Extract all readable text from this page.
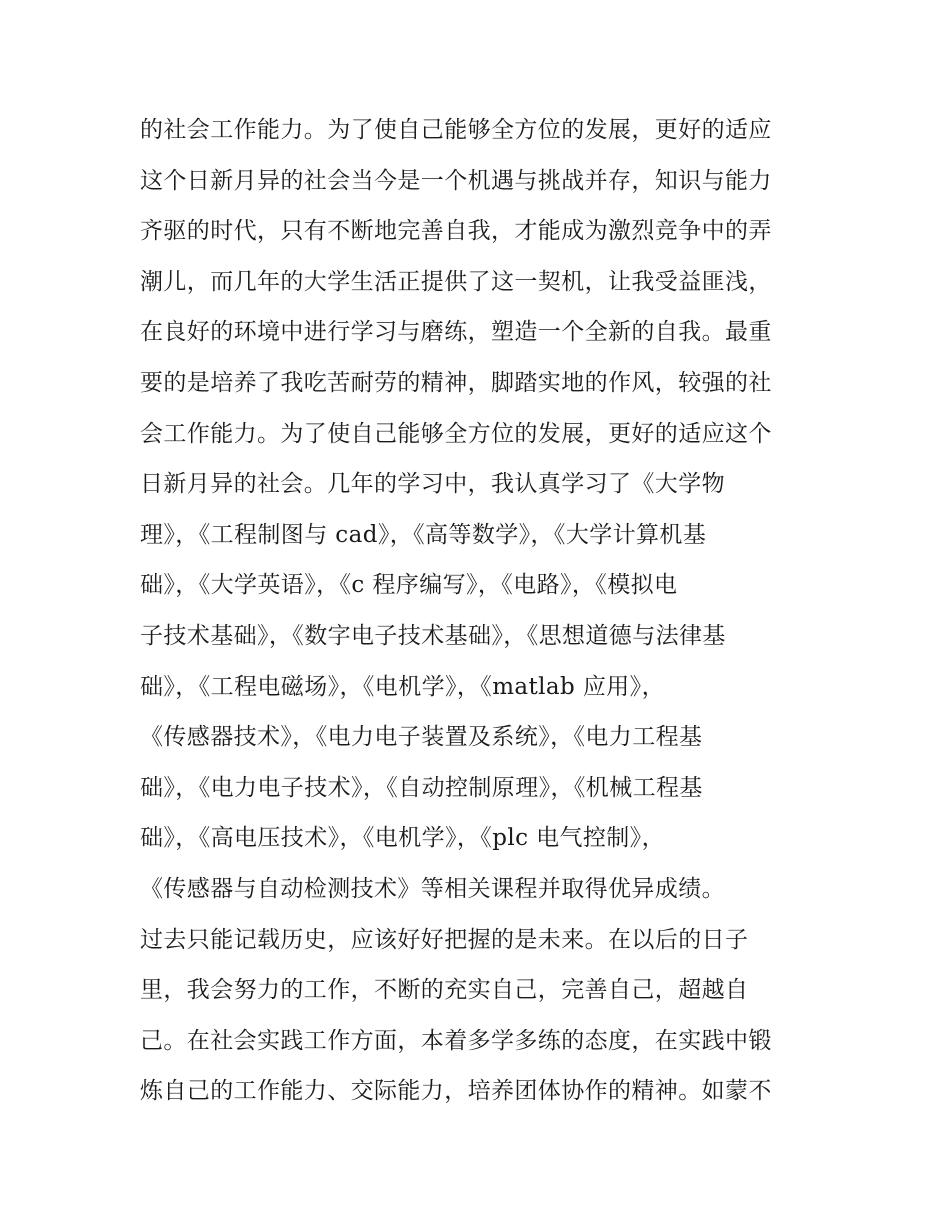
的社会工作能力。为了使自己能够全方位的发展，更好的适应
这个日新月异的社会当今是一个机遇与挑战并存，知识与能力
齐驱的时代，只有不断地完善自我，才能成为激烈竞争中的弄
潮儿，而几年的大学生活正提供了这一契机，让我受益匪浅，
在良好的环境中进行学习与磨练，塑造一个全新的自我。最重
要的是培养了我吃苦耐劳的精神，脚踏实地的作风，较强的社
会工作能力。为了使自己能够全方位的发展，更好的适应这个
日新月异的社会。几年的学习中，我认真学习了《大学物
理》，《工程制图与 cad》，《高等数学》，《大学计算机基
础》，《大学英语》，《c 程序编写》，《电路》，《模拟电
子技术基础》，《数字电子技术基础》，《思想道德与法律基
础》，《工程电磁场》，《电机学》，《matlab 应用》，
《传感器技术》，《电力电子装置及系统》，《电力工程基
础》，《电力电子技术》，《自动控制原理》，《机械工程基
础》，《高电压技术》，《电机学》，《plc 电气控制》，
《传感器与自动检测技术》等相关课程并取得优异成绩。
过去只能记载历史，应该好好把握的是未来。在以后的日子
里，我会努力的工作，不断的充实自己，完善自己，超越自
己。在社会实践工作方面，本着多学多练的态度，在实践中锻
炼自己的工作能力、交际能力，培养团体协作的精神。如蒙不
